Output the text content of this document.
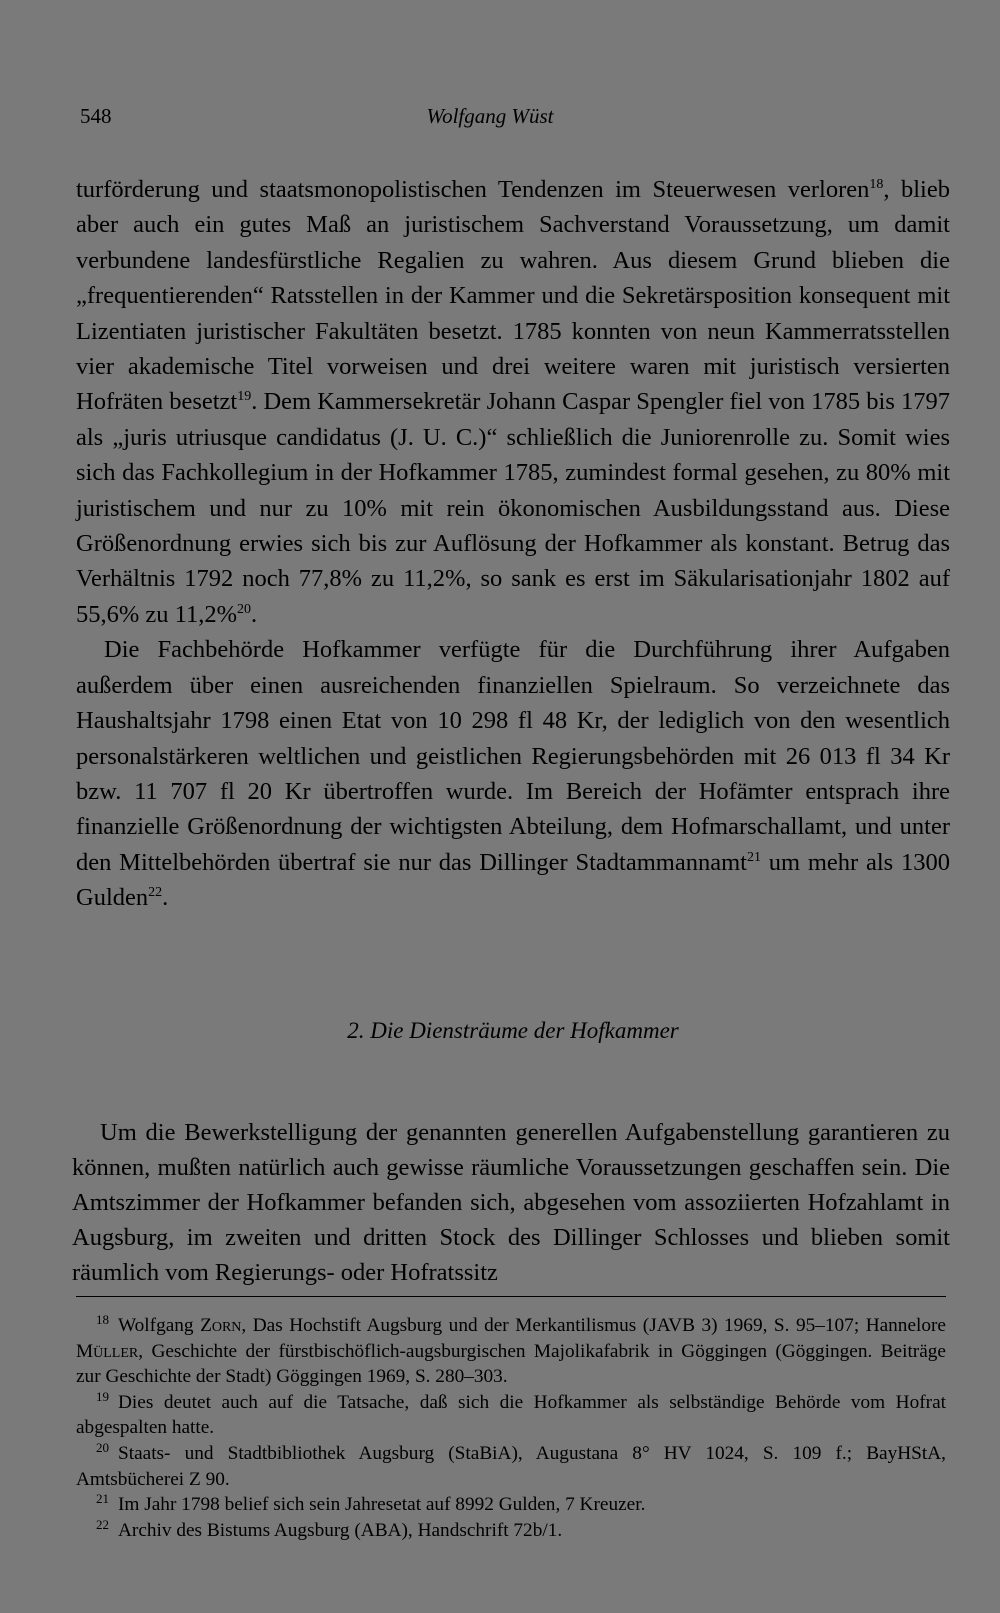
548	Wolfgang Wüst

turförderung und staatsmonopolistischen Tendenzen im Steuerwesen verloren$^{18}$, blieb aber auch ein gutes Maß an juristischem Sachverstand Voraussetzung, um damit verbundene landesfürstliche Regalien zu wahren. Aus diesem Grund blieben die „frequentierenden“ Ratsstellen in der Kammer und die Sekretärsposition konsequent mit Lizentiaten juristischer Fakultäten besetzt. 1785 konnten von neun Kammerratsstellen vier akademische Titel vorweisen und drei weitere waren mit juristisch versierten Hofräten besetzt$^{19}$. Dem Kammersekretär Johann Caspar Spengler fiel von 1785 bis 1797 als „juris utriusque candidatus (J. U. C.)“ schließlich die Juniorenrolle zu. Somit wies sich das Fachkollegium in der Hofkammer 1785, zumindest formal gesehen, zu 80% mit juristischem und nur zu 10% mit rein ökonomischen Ausbildungsstand aus. Diese Größenordnung erwies sich bis zur Auflösung der Hofkammer als konstant. Betrug das Verhältnis 1792 noch 77,8% zu 11,2%, so sank es erst im Säkularisationjahr 1802 auf 55,6% zu 11,2%$^{20}$.

Die Fachbehörde Hofkammer verfügte für die Durchführung ihrer Aufgaben außerdem über einen ausreichenden finanziellen Spielraum. So verzeichnete das Haushaltsjahr 1798 einen Etat von 10 298 fl 48 Kr, der lediglich von den wesentlich personalstärkeren weltlichen und geistlichen Regierungsbehörden mit 26 013 fl 34 Kr bzw. 11 707 fl 20 Kr übertroffen wurde. Im Bereich der Hofämter entsprach ihre finanzielle Größenordnung der wichtigsten Abteilung, dem Hofmarschallamt, und unter den Mittelbehörden übertraf sie nur das Dillinger Stadtammannamt$^{21}$ um mehr als 1300 Gulden$^{22}$.

2. Die Diensträume der Hofkammer

Um die Bewerkstelligung der genannten generellen Aufgabenstellung garantieren zu können, mußten natürlich auch gewisse räumliche Voraussetzungen geschaffen sein. Die Amtszimmer der Hofkammer befanden sich, abgesehen vom assoziierten Hofzahlamt in Augsburg, im zweiten und dritten Stock des Dillinger Schlosses und blieben somit räumlich vom Regierungs- oder Hofratssitz

$^{18}$ Wolfgang Zorn, Das Hochstift Augsburg und der Merkantilismus (JAVB 3) 1969, S. 95–107; Hannelore Müller, Geschichte der fürstbischöflich-augsburgischen Majolikafabrik in Göggingen (Göggingen. Beiträge zur Geschichte der Stadt) Göggingen 1969, S. 280–303.

$^{19}$ Dies deutet auch auf die Tatsache, daß sich die Hofkammer als selbständige Behörde vom Hofrat abgespalten hatte.

$^{20}$ Staats- und Stadtbibliothek Augsburg (StaBiA), Augustana 8° HV 1024, S. 109 f.; BayHStA, Amtsbücherei Z 90.

$^{21}$ Im Jahr 1798 belief sich sein Jahresetat auf 8992 Gulden, 7 Kreuzer.

$^{22}$ Archiv des Bistums Augsburg (ABA), Handschrift 72b/1.
